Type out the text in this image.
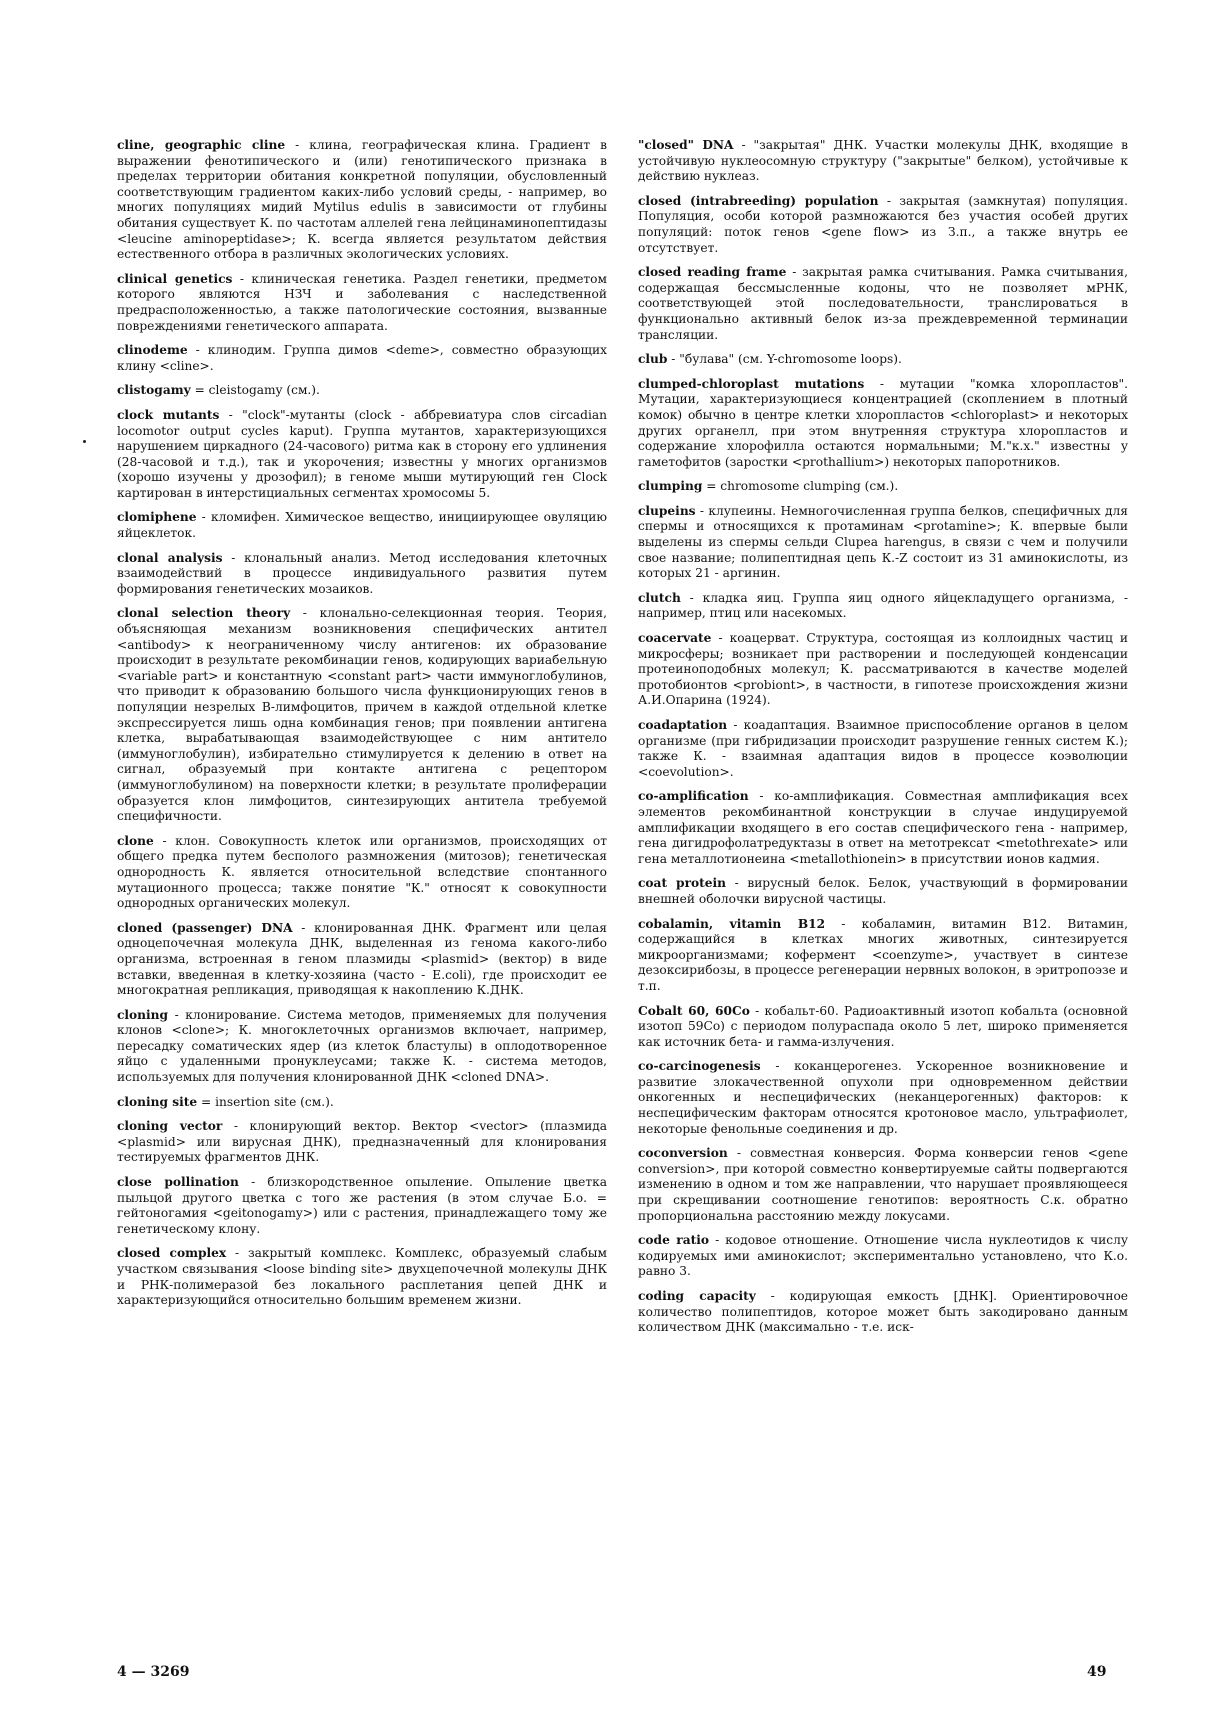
cline, geographic cline - клина, географическая клина. Градиент в выражении фенотипического и (или) генотипического признака в пределах территории обитания конкретной популяции, обусловленный соответствующим градиентом каких-либо условий среды, - например, во многих популяциях мидий Mytilus edulis в зависимости от глубины обитания существует К. по частотам аллелей гена лейцинаминопептидазы <leucine aminopeptidase>; К. всегда является результатом действия естественного отбора в различных экологических условиях.

clinical genetics - клиническая генетика. Раздел генетики, предметом которого являются НЗЧ и заболевания с наследственной предрасположенностью, а также патологические состояния, вызванные повреждениями генетического аппарата.

clinodeme - клинодим. Группа димов <deme>, совместно образующих клину <cline>.

clistogamy = cleistogamy (см.).

clock mutants - "clock"-мутанты (clock - аббревиатура слов circadian locomotor output cycles kaput). Группа мутантов, характеризующихся нарушением циркадного (24-часового) ритма как в сторону его удлинения (28-часовой и т.д.), так и укорочения; известны у многих организмов (хорошо изучены у дрозофил); в геноме мыши мутирующий ген Clock картирован в интерстициальных сегментах хромосомы 5.

clomiphene - кломифен. Химическое вещество, инициирующее овуляцию яйцеклеток.

clonal analysis - клональный анализ. Метод исследования клеточных взаимодействий в процессе индивидуального развития путем формирования генетических мозаиков.

clonal selection theory - клонально-селекционная теория. Теория, объясняющая механизм возникновения специфических антител <antibody> к неограниченному числу антигенов: их образование происходит в результате рекомбинации генов, кодирующих вариабельную <variable part> и константную <constant part> части иммуноглобулинов, что приводит к образованию большого числа функционирующих генов в популяции незрелых В-лимфоцитов, причем в каждой отдельной клетке экспрессируется лишь одна комбинация генов; при появлении антигена клетка, вырабатывающая взаимодействующее с ним антитело (иммуноглобулин), избирательно стимулируется к делению в ответ на сигнал, образуемый при контакте антигена с рецептором (иммуноглобулином) на поверхности клетки; в результате пролиферации образуется клон лимфоцитов, синтезирующих антитела требуемой специфичности.

clone - клон. Совокупность клеток или организмов, происходящих от общего предка путем бесполого размножения (митозов); генетическая однородность К. является относительной вследствие спонтанного мутационного процесса; также понятие "К." относят к совокупности однородных органических молекул.

cloned (passenger) DNA - клонированная ДНК. Фрагмент или целая одноцепочечная молекула ДНК, выделенная из генома какого-либо организма, встроенная в геном плазмиды <plasmid> (вектор) в виде вставки, введенная в клетку-хозяина (часто - E.coli), где происходит ее многократная репликация, приводящая к накоплению К.ДНК.

cloning - клонирование. Система методов, применяемых для получения клонов <clone>; К. многоклеточных организмов включает, например, пересадку соматических ядер (из клеток бластулы) в оплодотворенное яйцо с удаленными пронуклеусами; также К. - система методов, используемых для получения клонированной ДНК <cloned DNA>.

cloning site = insertion site (см.).

cloning vector - клонирующий вектор. Вектор <vector> (плазмида <plasmid> или вирусная ДНК), предназначенный для клонирования тестируемых фрагментов ДНК.

close pollination - близкородственное опыление. Опыление цветка пыльцой другого цветка с того же растения (в этом случае Б.о. = гейтоногамия <geitonogamy>) или с растения, принадлежащего тому же генетическому клону.

closed complex - закрытый комплекс. Комплекс, образуемый слабым участком связывания <loose binding site> двухцепочечной молекулы ДНК и РНК-полимеразой без локального расплетания цепей ДНК и характеризующийся относительно большим временем жизни.

"closed" DNA - "закрытая" ДНК. Участки молекулы ДНК, входящие в устойчивую нуклеосомную структуру ("закрытые" белком), устойчивые к действию нуклеаз.

closed (intrabreeding) population - закрытая (замкнутая) популяция. Популяция, особи которой размножаются без участия особей других популяций: поток генов <gene flow> из З.п., а также внутрь ее отсутствует.

closed reading frame - закрытая рамка считывания. Рамка считывания, содержащая бессмысленные кодоны, что не позволяет мРНК, соответствующей этой последовательности, транслироваться в функционально активный белок из-за преждевременной терминации трансляции.

club - "булава" (см. Y-chromosome loops).

clumped-chloroplast mutations - мутации "комка хлоропластов". Мутации, характеризующиеся концентрацией (скоплением в плотный комок) обычно в центре клетки хлоропластов <chloroplast> и некоторых других органелл, при этом внутренняя структура хлоропластов и содержание хлорофилла остаются нормальными; М."к.х." известны у гаметофитов (заростки <prothallium>) некоторых папоротников.

clumping = chromosome clumping (см.).

clupeins - клупеины. Немногочисленная группа белков, специфичных для спермы и относящихся к протаминам <protamine>; К. впервые были выделены из спермы сельди Clupea harengus, в связи с чем и получили свое название; полипептидная цепь К.-Z состоит из 31 аминокислоты, из которых 21 - аргинин.

clutch - кладка яиц. Группа яиц одного яйцекладущего организма, - например, птиц или насекомых.

coacervate - коацерват. Структура, состоящая из коллоидных частиц и микросферы; возникает при растворении и последующей конденсации протеиноподобных молекул; К. рассматриваются в качестве моделей протобионтов <probiont>, в частности, в гипотезе происхождения жизни А.И.Опарина (1924).

coadaptation - коадаптация. Взаимное приспособление органов в целом организме (при гибридизации происходит разрушение генных систем К.); также К. - взаимная адаптация видов в процессе коэволюции <coevolution>.

co-amplification - ко-амплификация. Совместная амплификация всех элементов рекомбинантной конструкции в случае индуцируемой амплификации входящего в его состав специфического гена - например, гена дигидрофолатредуктазы в ответ на метотрексат <metothrexate> или гена металлотионеина <metallothionein> в присутствии ионов кадмия.

coat protein - вирусный белок. Белок, участвующий в формировании внешней оболочки вирусной частицы.

cobalamin, vitamin B12 - кобаламин, витамин B12. Витамин, содержащийся в клетках многих животных, синтезируется микроорганизмами; кофермент <coenzyme>, участвует в синтезе дезоксирибозы, в процессе регенерации нервных волокон, в эритропоэзе и т.п.

Cobalt 60, 60Co - кобальт-60. Радиоактивный изотоп кобальта (основной изотоп 59Co) с периодом полураспада около 5 лет, широко применяется как источник бета- и гамма-излучения.

co-carcinogenesis - коканцерогенез. Ускоренное возникновение и развитие злокачественной опухоли при одновременном действии онкогенных и неспецифических (неканцерогенных) факторов: к неспецифическим факторам относятся кротоновое масло, ультрафиолет, некоторые фенольные соединения и др.

coconversion - совместная конверсия. Форма конверсии генов <gene conversion>, при которой совместно конвертируемые сайты подвергаются изменению в одном и том же направлении, что нарушает проявляющееся при скрещивании соотношение генотипов: вероятность С.к. обратно пропорциональна расстоянию между локусами.

code ratio - кодовое отношение. Отношение числа нуклеотидов к числу кодируемых ими аминокислот; экспериментально установлено, что К.о. равно 3.

coding capacity - кодирующая емкость [ДНК]. Ориентировочное количество полипептидов, которое может быть закодировано данным количеством ДНК (максимально - т.е. иск-

4 — 3269	49
